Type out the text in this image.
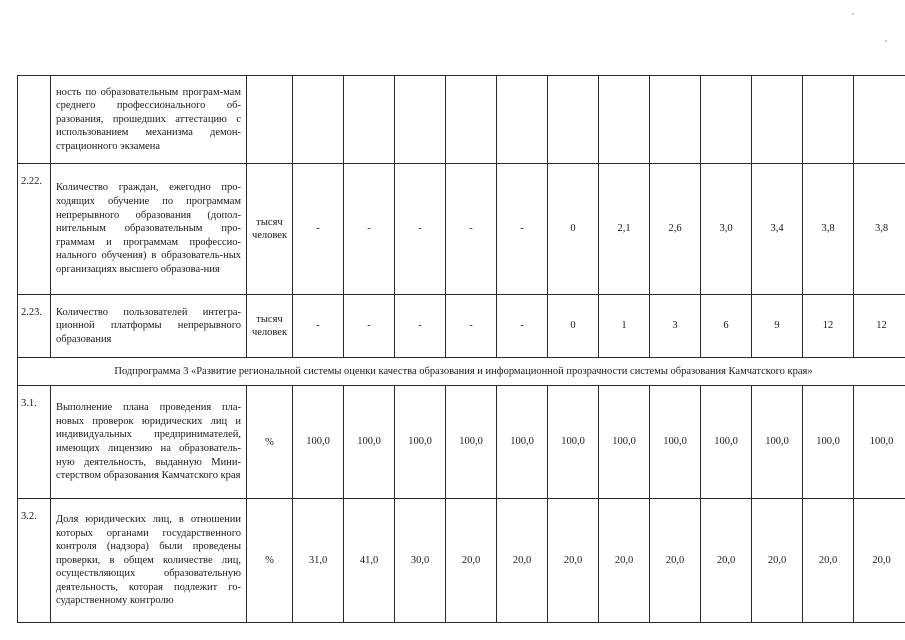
	ность по образовательным програм-мам среднего профессионального об-разования, прошедших аттестацию с использованием механизма демон-страционного экзамена													
2.22.	Количество граждан, ежегодно про-ходящих обучение по программам непрерывного образования (допол-нительным образовательным про-граммам и программам профессио-нального обучения) в образователь-ных организациях высшего образова-ния	тысяч человек	-	-	-	-	-	0	2,1	2,6	3,0	3,4	3,8	3,8
2.23.	Количество пользователей интегра-ционной платформы непрерывного образования	тысяч человек	-	-	-	-	-	0	1	3	6	9	12	12
Подпрограмма 3 «Развитие региональной системы оценки качества образования и информационной прозрачности системы образования Камчатского края»														
3.1.	Выполнение плана проведения пла-новых проверок юридических лиц и индивидуальных предпринимателей, имеющих лицензию на образователь-ную деятельность, выданную Мини-стерством образования Камчатского края	%	100,0	100,0	100,0	100,0	100,0	100,0	100,0	100,0	100,0	100,0	100,0	100,0
3.2.	Доля юридических лиц, в отношении которых органами государственного контроля (надзора) были проведены проверки, в общем количестве лиц, осуществляющих образовательную деятельность, которая подлежит го-сударственному контролю	%	31,0	41,0	30,0	20,0	20,0	20,0	20,0	20,0	20,0	20,0	20,0	20,0
